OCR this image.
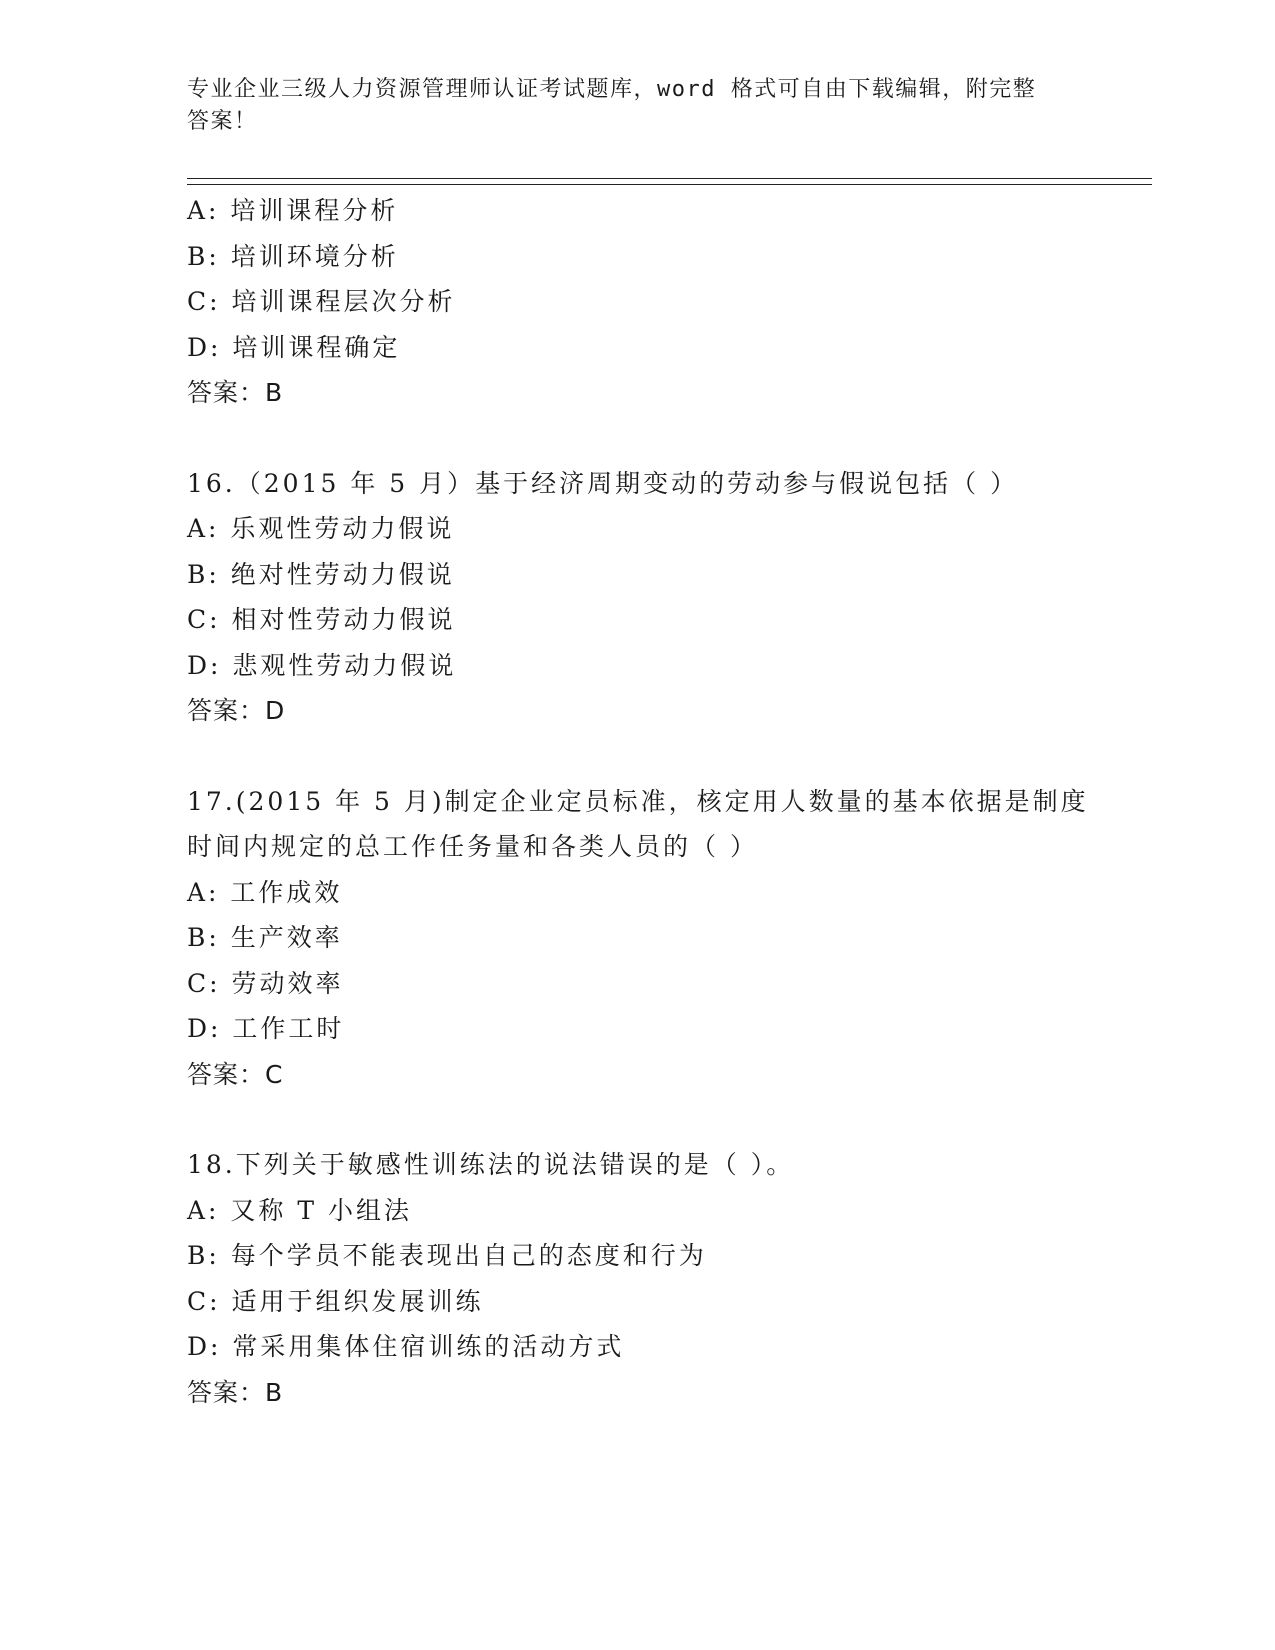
专业企业三级人力资源管理师认证考试题库，word 格式可自由下载编辑，附完整
答案！
A: 培训课程分析
B: 培训环境分析
C: 培训课程层次分析
D: 培训课程确定
答案：B
16.（2015 年 5 月）基于经济周期变动的劳动参与假说包括（ ）
A: 乐观性劳动力假说
B: 绝对性劳动力假说
C: 相对性劳动力假说
D: 悲观性劳动力假说
答案：D
17.(2015 年 5 月)制定企业定员标准，核定用人数量的基本依据是制度
时间内规定的总工作任务量和各类人员的（ ）
A: 工作成效
B: 生产效率
C: 劳动效率
D: 工作工时
答案：C
18.下列关于敏感性训练法的说法错误的是（ ）。
A: 又称 T 小组法
B: 每个学员不能表现出自己的态度和行为
C: 适用于组织发展训练
D: 常采用集体住宿训练的活动方式
答案：B
